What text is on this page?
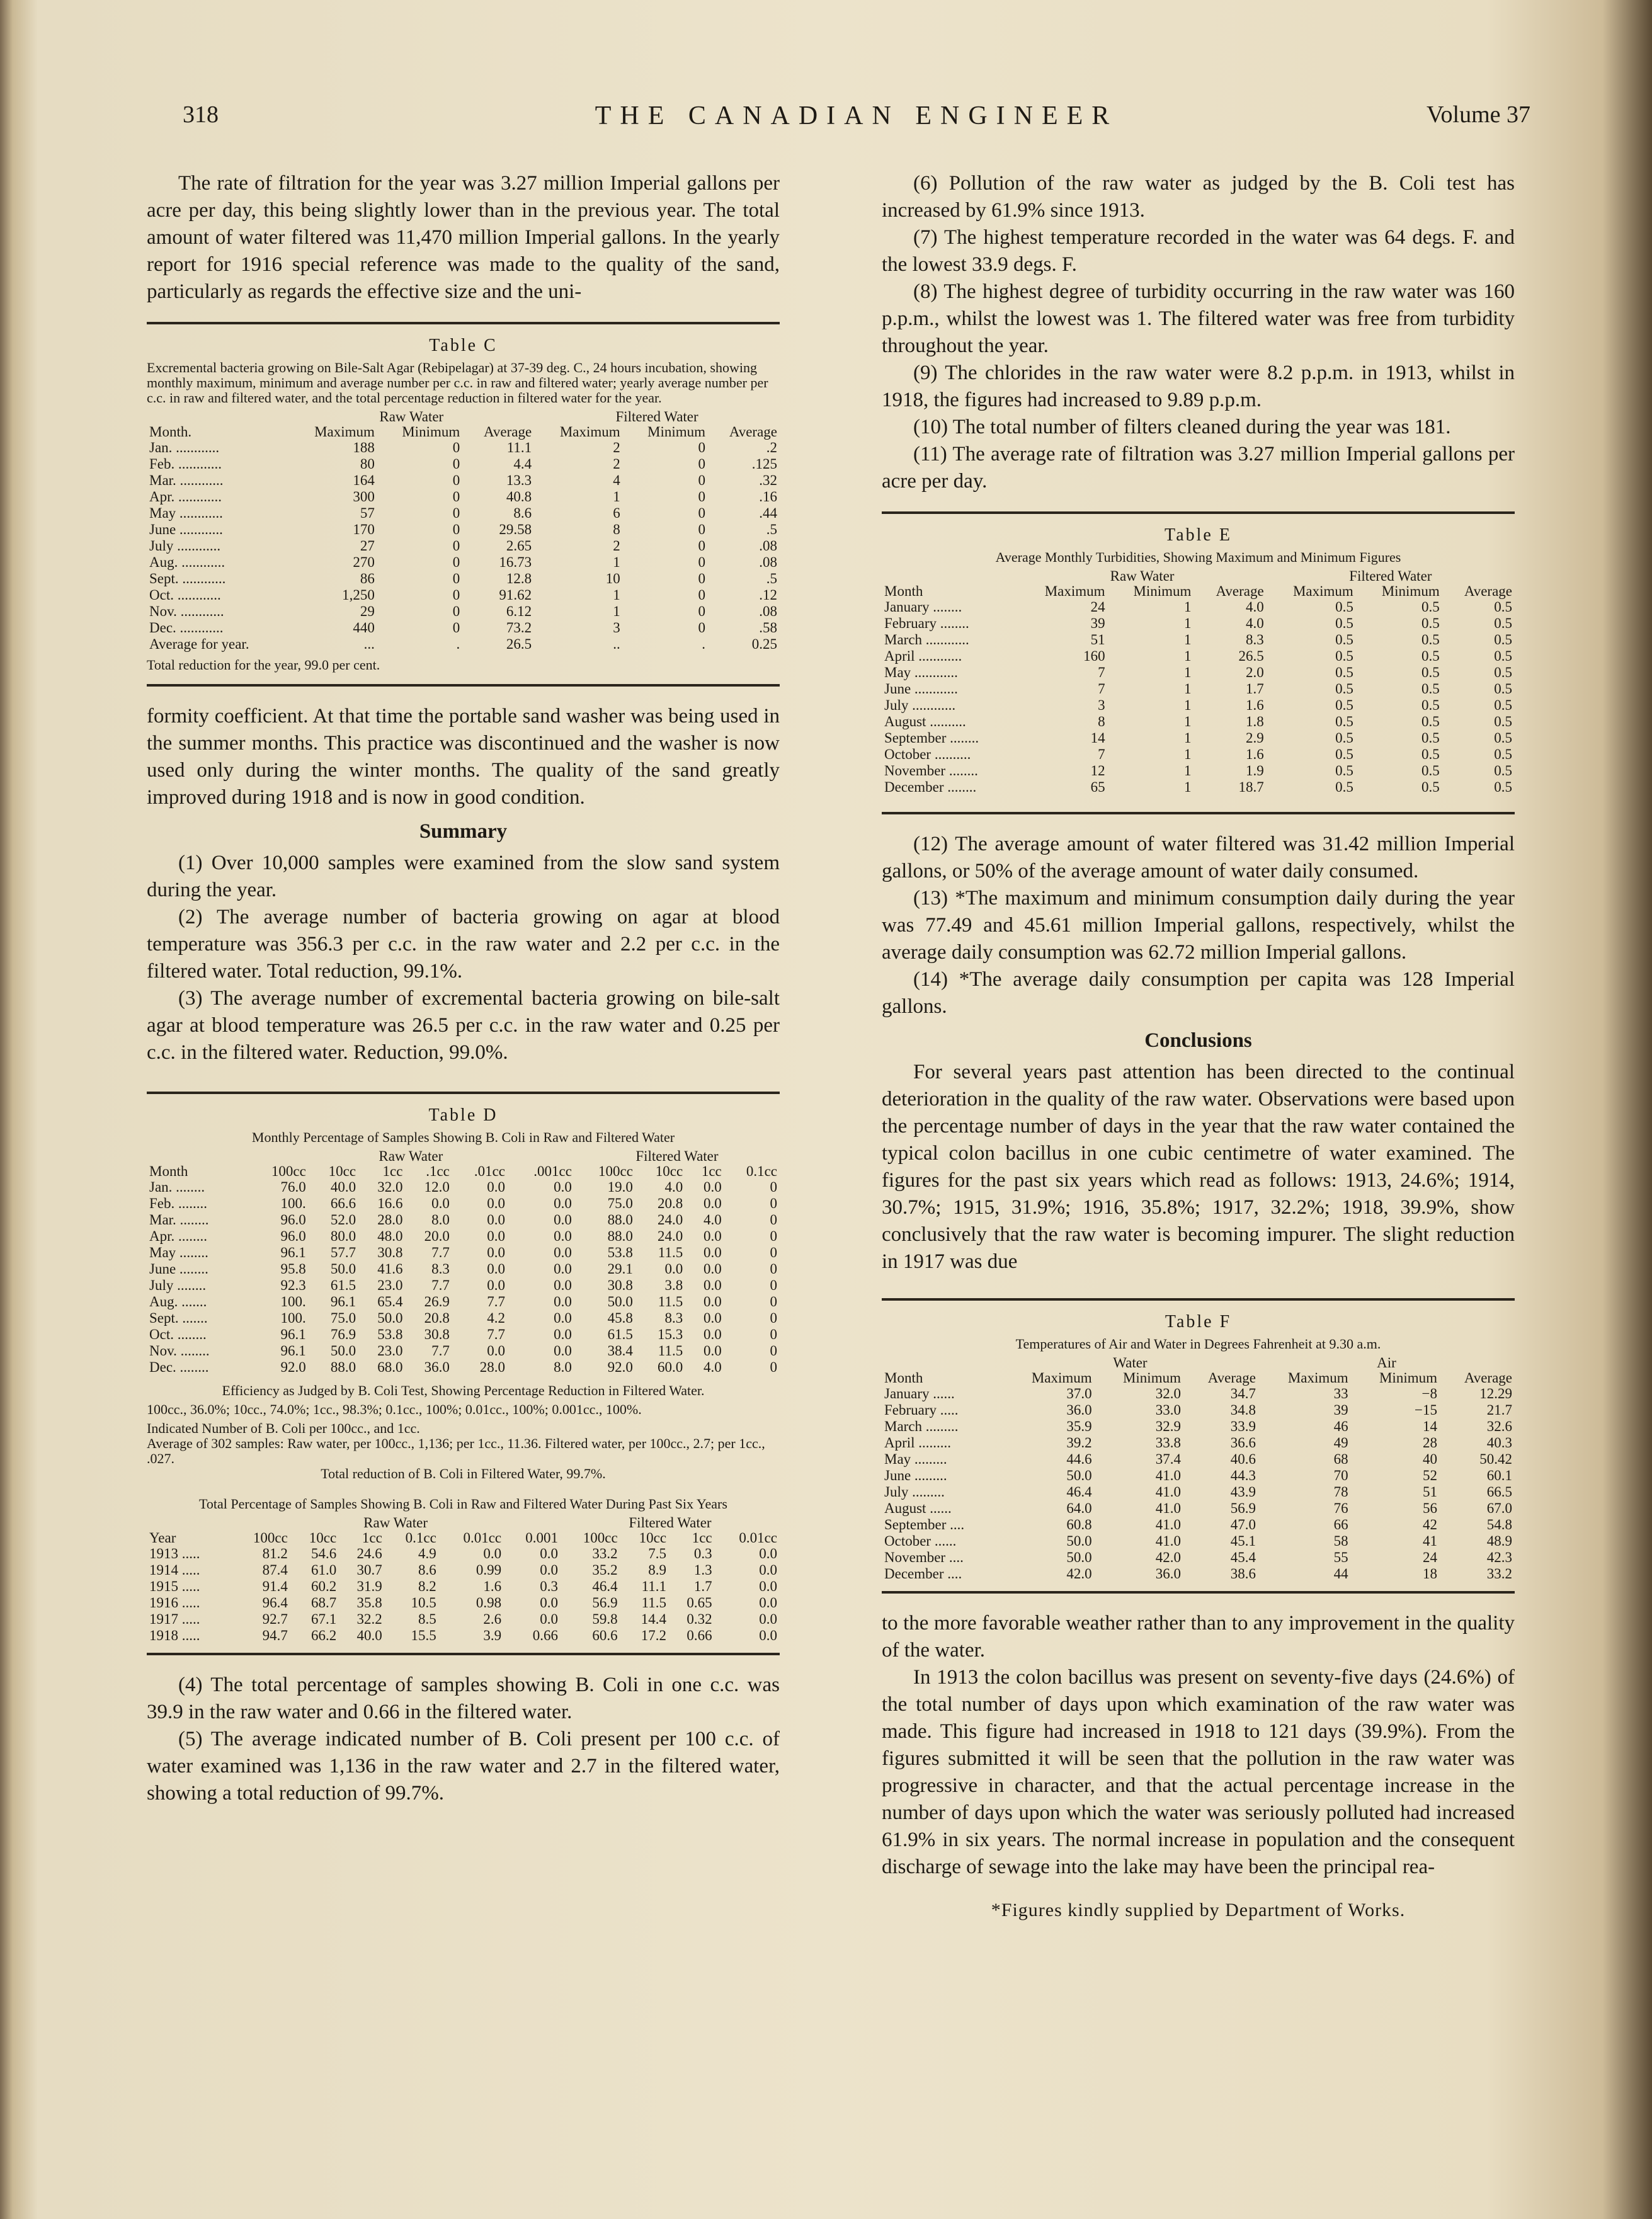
318	THE CANADIAN ENGINEER	Volume 37

The rate of filtration for the year was 3.27 million Imperial gallons per acre per day, this being slightly lower than in the previous year. The total amount of water filtered was 11,470 million Imperial gallons. In the yearly report for 1916 special reference was made to the quality of the sand, particularly as regards the effective size and the uni-

Table C

Excremental bacteria growing on Bile-Salt Agar (Rebipelagar) at 37-39 deg. C., 24 hours incubation, showing monthly maximum, minimum and average number per c.c. in raw and filtered water; yearly average number per c.c. in raw and filtered water, and the total percentage reduction in filtered water for the year.

	Raw Water			Filtered Water		
Month.	Maximum	Minimum	Average	Maximum	Minimum	Average
Jan. ............	188	0	11.1	2	0	.2
Feb. ............	80	0	4.4	2	0	.125
Mar. ............	164	0	13.3	4	0	.32
Apr. ............	300	0	40.8	1	0	.16
May ............	57	0	8.6	6	0	.44
June ............	170	0	29.58	8	0	.5
July ............	27	0	2.65	2	0	.08
Aug. ............	270	0	16.73	1	0	.08
Sept. ............	86	0	12.8	10	0	.5
Oct. ............	1,250	0	91.62	1	0	.12
Nov. ............	29	0	6.12	1	0	.08
Dec. ............	440	0	73.2	3	0	.58
Average for year.	...	.	26.5	..	.	0.25

Total reduction for the year, 99.0 per cent.

formity coefficient. At that time the portable sand washer was being used in the summer months. This practice was discontinued and the washer is now used only during the winter months. The quality of the sand greatly improved during 1918 and is now in good condition.

Summary

(1) Over 10,000 samples were examined from the slow sand system during the year.

(2) The average number of bacteria growing on agar at blood temperature was 356.3 per c.c. in the raw water and 2.2 per c.c. in the filtered water. Total reduction, 99.1%.

(3) The average number of excremental bacteria growing on bile-salt agar at blood temperature was 26.5 per c.c. in the raw water and 0.25 per c.c. in the filtered water. Reduction, 99.0%.

Table D

Monthly Percentage of Samples Showing B. Coli in Raw and Filtered Water

	Raw Water						Filtered Water			
Month	100cc	10cc	1cc	.1cc	.01cc	.001cc	100cc	10cc	1cc	0.1cc
Jan. ........	76.0	40.0	32.0	12.0	0.0	0.0	19.0	4.0	0.0	0
Feb. ........	100.	66.6	16.6	0.0	0.0	0.0	75.0	20.8	0.0	0
Mar. ........	96.0	52.0	28.0	8.0	0.0	0.0	88.0	24.0	4.0	0
Apr. ........	96.0	80.0	48.0	20.0	0.0	0.0	88.0	24.0	0.0	0
May ........	96.1	57.7	30.8	7.7	0.0	0.0	53.8	11.5	0.0	0
June ........	95.8	50.0	41.6	8.3	0.0	0.0	29.1	0.0	0.0	0
July ........	92.3	61.5	23.0	7.7	0.0	0.0	30.8	3.8	0.0	0
Aug. .......	100.	96.1	65.4	26.9	7.7	0.0	50.0	11.5	0.0	0
Sept. .......	100.	75.0	50.0	20.8	4.2	0.0	45.8	8.3	0.0	0
Oct. ........	96.1	76.9	53.8	30.8	7.7	0.0	61.5	15.3	0.0	0
Nov. ........	96.1	50.0	23.0	7.7	0.0	0.0	38.4	11.5	0.0	0
Dec. ........	92.0	88.0	68.0	36.0	28.0	8.0	92.0	60.0	4.0	0

Efficiency as Judged by B. Coli Test, Showing Percentage Reduction in Filtered Water.

100cc., 36.0%; 10cc., 74.0%; 1cc., 98.3%; 0.1cc., 100%; 0.01cc., 100%; 0.001cc., 100%.

Indicated Number of B. Coli per 100cc., and 1cc.

Average of 302 samples: Raw water, per 100cc., 1,136; per 1cc., 11.36. Filtered water, per 100cc., 2.7; per 1cc., .027.

Total reduction of B. Coli in Filtered Water, 99.7%.

Total Percentage of Samples Showing B. Coli in Raw and Filtered Water During Past Six Years

	Raw Water						Filtered Water			
Year	100cc	10cc	1cc	0.1cc	0.01cc	0.001	100cc	10cc	1cc	0.01cc
1913 .....	81.2	54.6	24.6	4.9	0.0	0.0	33.2	7.5	0.3	0.0
1914 .....	87.4	61.0	30.7	8.6	0.99	0.0	35.2	8.9	1.3	0.0
1915 .....	91.4	60.2	31.9	8.2	1.6	0.3	46.4	11.1	1.7	0.0
1916 .....	96.4	68.7	35.8	10.5	0.98	0.0	56.9	11.5	0.65	0.0
1917 .....	92.7	67.1	32.2	8.5	2.6	0.0	59.8	14.4	0.32	0.0
1918 .....	94.7	66.2	40.0	15.5	3.9	0.66	60.6	17.2	0.66	0.0

(4) The total percentage of samples showing B. Coli in one c.c. was 39.9 in the raw water and 0.66 in the filtered water.

(5) The average indicated number of B. Coli present per 100 c.c. of water examined was 1,136 in the raw water and 2.7 in the filtered water, showing a total reduction of 99.7%.

(6) Pollution of the raw water as judged by the B. Coli test has increased by 61.9% since 1913.

(7) The highest temperature recorded in the water was 64 degs. F. and the lowest 33.9 degs. F.

(8) The highest degree of turbidity occurring in the raw water was 160 p.p.m., whilst the lowest was 1. The filtered water was free from turbidity throughout the year.

(9) The chlorides in the raw water were 8.2 p.p.m. in 1913, whilst in 1918, the figures had increased to 9.89 p.p.m.

(10) The total number of filters cleaned during the year was 181.

(11) The average rate of filtration was 3.27 million Imperial gallons per acre per day.

Table E

Average Monthly Turbidities, Showing Maximum and Minimum Figures

	Raw Water			Filtered Water		
Month	Maximum	Minimum	Average	Maximum	Minimum	Average
January ........	24	1	4.0	0.5	0.5	0.5
February ........	39	1	4.0	0.5	0.5	0.5
March ............	51	1	8.3	0.5	0.5	0.5
April ............	160	1	26.5	0.5	0.5	0.5
May ............	7	1	2.0	0.5	0.5	0.5
June ............	7	1	1.7	0.5	0.5	0.5
July ............	3	1	1.6	0.5	0.5	0.5
August ..........	8	1	1.8	0.5	0.5	0.5
September ........	14	1	2.9	0.5	0.5	0.5
October ..........	7	1	1.6	0.5	0.5	0.5
November ........	12	1	1.9	0.5	0.5	0.5
December ........	65	1	18.7	0.5	0.5	0.5

(12) The average amount of water filtered was 31.42 million Imperial gallons, or 50% of the average amount of water daily consumed.

(13) *The maximum and minimum consumption daily during the year was 77.49 and 45.61 million Imperial gallons, respectively, whilst the average daily consumption was 62.72 million Imperial gallons.

(14) *The average daily consumption per capita was 128 Imperial gallons.

Conclusions

For several years past attention has been directed to the continual deterioration in the quality of the raw water. Observations were based upon the percentage number of days in the year that the raw water contained the typical colon bacillus in one cubic centimetre of water examined. The figures for the past six years which read as follows: 1913, 24.6%; 1914, 30.7%; 1915, 31.9%; 1916, 35.8%; 1917, 32.2%; 1918, 39.9%, show conclusively that the raw water is becoming impurer. The slight reduction in 1917 was due

Table F

Temperatures of Air and Water in Degrees Fahrenheit at 9.30 a.m.

	Water			Air		
Month	Maximum	Minimum	Average	Maximum	Minimum	Average
January ......	37.0	32.0	34.7	33	−8	12.29
February .....	36.0	33.0	34.8	39	−15	21.7
March .........	35.9	32.9	33.9	46	14	32.6
April .........	39.2	33.8	36.6	49	28	40.3
May .........	44.6	37.4	40.6	68	40	50.42
June .........	50.0	41.0	44.3	70	52	60.1
July .........	46.4	41.0	43.9	78	51	66.5
August ......	64.0	41.0	56.9	76	56	67.0
September ....	60.8	41.0	47.0	66	42	54.8
October ......	50.0	41.0	45.1	58	41	48.9
November ....	50.0	42.0	45.4	55	24	42.3
December ....	42.0	36.0	38.6	44	18	33.2

to the more favorable weather rather than to any improvement in the quality of the water.

In 1913 the colon bacillus was present on seventy-five days (24.6%) of the total number of days upon which examination of the raw water was made. This figure had increased in 1918 to 121 days (39.9%). From the figures submitted it will be seen that the pollution in the raw water was progressive in character, and that the actual percentage increase in the number of days upon which the water was seriously polluted had increased 61.9% in six years. The normal increase in population and the consequent discharge of sewage into the lake may have been the principal rea-

*Figures kindly supplied by Department of Works.
